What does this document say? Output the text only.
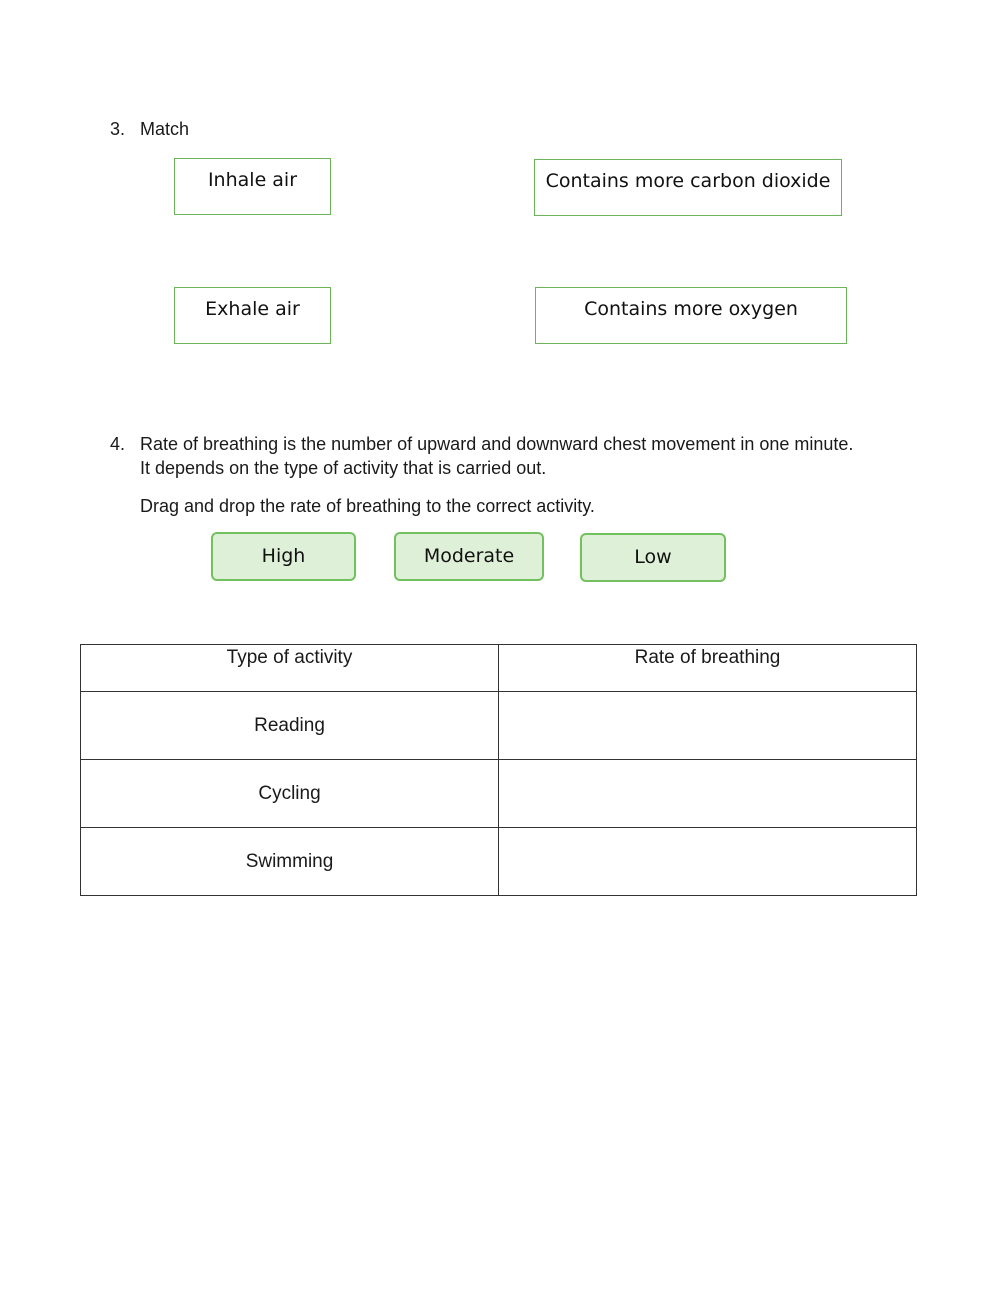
3. Match
Inhale air
Exhale air
Contains more carbon dioxide
Contains more oxygen
4. Rate of breathing is the number of upward and downward chest movement in one minute.
It depends on the type of activity that is carried out.
Drag and drop the rate of breathing to the correct activity.
High	Moderate	Low
Type of activity	Rate of breathing
Reading	
Cycling	
Swimming	
